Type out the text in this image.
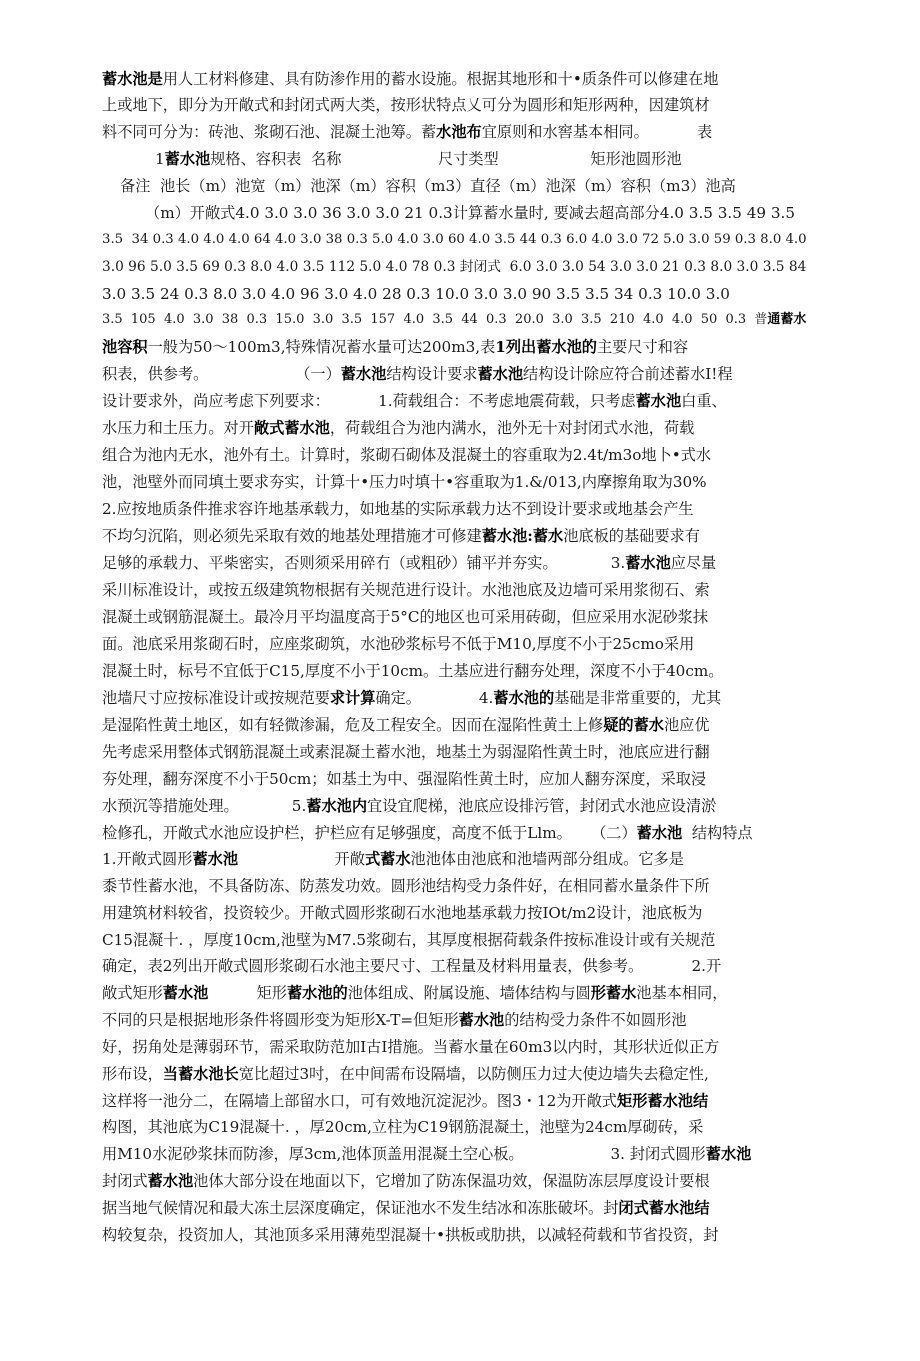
蓄水池是用人工材料修建、具有防渗作用的蓄水设施。根据其地形和十•质条件可以修建在地
上或地下，即分为开敞式和封闭式两大类，按形状特点乂可分为圆形和矩形两种，因建筑材
料不同可分为：砖池、浆砌石池、混凝土池筹。蓄水池布宜原则和水窖基本相同。          表
1蓄水池规格、容积表  名称                    尺寸类型                   矩形池圆形池
备注  池长（m）池宽（m）池深（m）容积（m3）直径（m）池深（m）容积（m3）池高
（m）开敞式4.0 3.0 3.0 36 3.0 3.0 21 0.3计算蓄水量时, 要减去超高部分4.0 3.5 3.5 49 3.5
3.5  34 0.3 4.0 4.0 4.0 64 4.0 3.0 38 0.3 5.0 4.0 3.0 60 4.0 3.5 44 0.3 6.0 4.0 3.0 72 5.0 3.0 59 0.3 8.0 4.0
3.0 96 5.0 3.5 69 0.3 8.0 4.0 3.5 112 5.0 4.0 78 0.3 封闭式  6.0 3.0 3.0 54 3.0 3.0 21 0.3 8.0 3.0 3.5 84
3.0 3.5 24 0.3 8.0 3.0 4.0 96 3.0 4.0 28 0.3 10.0 3.0 3.0 90 3.5 3.5 34 0.3 10.0 3.0
3.5  105  4.0  3.0  38  0.3  15.0  3.0  3.5  157  4.0  3.5  44  0.3  20.0  3.0  3.5  210  4.0  4.0  50  0.3  普通蓄水
池容积一般为50～100m3,特殊情况蓄水量可达200m3,表1列出蓄水池的主要尺寸和容
积表，供参考。                  （一）蓄水池结构设计要求蓄水池结构设计除应符合前述蓄水I!程
设计要求外，尚应考虑下列要求：          1.荷载组合：不考虑地震荷载，只考虑蓄水池白重、
水压力和土压力。对开敞式蓄水池，荷载组合为池内满水，池外无十对封闭式水池，荷载
组合为池内无水，池外有土。计算时，浆砌石砌体及混凝土的容重取为2.4t/m3o地卜•式水
池，池壁外而同填土要求夯实，计算十•压力吋填十•容重取为1.&/013,内摩擦角取为30%
2.应按地质条件推求容许地基承载力，如地基的实际承载力达不到设计要求或地基会产生
不均匀沉陷，则必须先采取有效的地基处理措施才可修建蓄水池:蓄水池底板的基础要求有
足够的承载力、平柴密实，否则须采用碎冇（或粗砂）铺平并夯实。           3.蓄水池应尽量
采川标准设计，或按五级建筑物根据有关规范进行设计。水池池底及边墙可采用浆彻石、索
混凝土或钢筋混凝土。最冷月平均温度高于5°C的地区也可采用砖砌，但应采用水泥砂浆抹
面。池底采用浆砌石时，应座浆砌筑，水池砂浆标号不低于M10,厚度不小于25cmo采用
混凝土时，标号不宜低于C15,厚度不小于10cm。土基应进行翻夯处理，深度不小于40cm。
池墙尺寸应按标准设计或按规范要求计算确定。            4.蓄水池的基础是非常重要的，尤其
是湿陷性黄土地区，如有轻微渗漏，危及工程安全。因而在湿陷性黄土上修疑的蓄水池应优
先考虑采用整体式钢筋混凝土或素混凝土蓄水池，地基土为弱湿陷性黄土时，池底应进行翻
夯处理，翻夯深度不小于50cm；如基土为中、强湿陷性黄土时，应加人翻夯深度，采取浸
水预沉等措施处理。           5.蓄水池内宜设宜爬梯，池底应设排污管，封闭式水池应设清淤
检修孔，开敞式水池应设护栏，护栏应有足够强度，高度不低于Llm。    （二）蓄水池  结构特点
1.开敞式圆形蓄水池                    开敞式蓄水池池体由池底和池墙两部分组成。它多是
黍节性蓄水池，不具备防冻、防蒸发功效。圆形池结构受力条件好，在相同蓄水量条件下所
用建筑材料较省，投资较少。开敞式圆形浆砌石水池地基承载力按IOt/m2设计，池底板为
C15混凝十. ，厚度10cm,池壁为M7.5浆砌右，其厚度根据荷载条件按标准设计或有关规范
确定，表2列出开敞式圆形浆砌石水池主要尺寸、工程量及材料用量表，供参考。          2.开
敞式矩形蓄水池          矩形蓄水池的池体组成、附属设施、墙体结构与圆形蓄水池基本相同，
不同的只是根据地形条件将圆形变为矩形X-T=但矩形蓄水池的结构受力条件不如圆形池
好，拐角处是薄弱环节，需采取防范加I古I措施。当蓄水量在60m3以内时，其形状近似正方
形布设，当蓄水池长宽比超过3吋，在中间需布设隔墙，以防侧压力过大使边墙失去稳定性,
这样将一池分二，在隔墙上部留水口，可有效地沉淀泥沙。图3・12为开敞式矩形蓄水池结
构图，其池底为C19混凝十. ，厚20cm,立柱为C19钢筋混凝土，池壁为24cm厚砌砖，采
用M10水泥砂浆抹而防渗，厚3cm,池体顶盖用混凝土空心板。                  3. 封闭式圆形蓄水池
封闭式蓄水池池体大部分设在地面以下，它增加了防冻保温功效，保温防冻层厚度设计要根
据当地气候情况和最大冻土层深度确定，保证池水不发生结冰和冻胀破坏。封闭式蓄水池结
构较复杂，投资加人，其池顶多采用薄苑型混凝十•拱板或肋拱，以减轻荷载和节省投资，封
